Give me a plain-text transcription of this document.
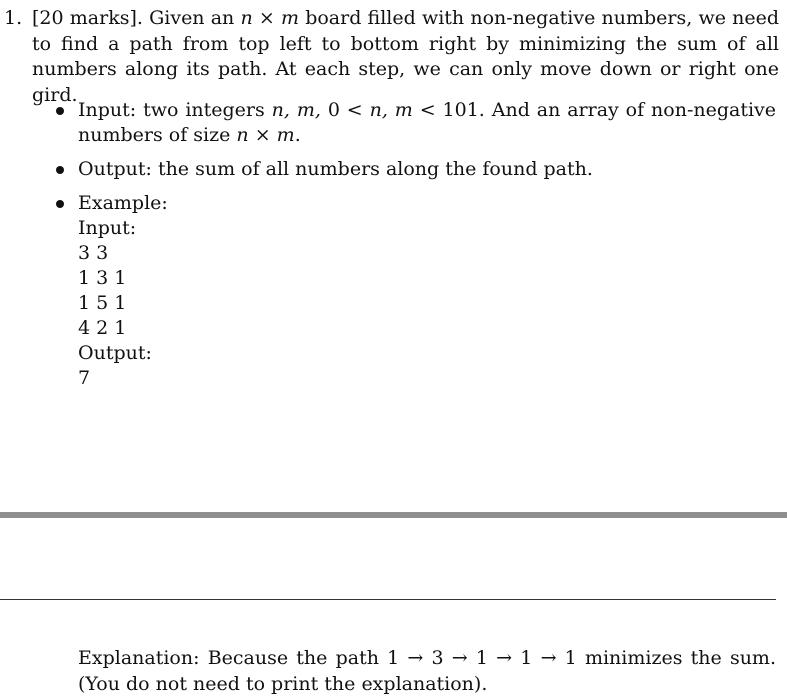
1. [20 marks]. Given an n × m board filled with non-negative numbers, we need to find a path from top left to bottom right by minimizing the sum of all numbers along its path. At each step, we can only move down or right one gird.
Input: two integers n, m, 0 < n, m < 101. And an array of non-negative numbers of size n × m.
Output: the sum of all numbers along the found path.
Example:
Input:
3 3
1 3 1
1 5 1
4 2 1
Output:
7
Explanation: Because the path 1 → 3 → 1 → 1 → 1 minimizes the sum. (You do not need to print the explanation).
